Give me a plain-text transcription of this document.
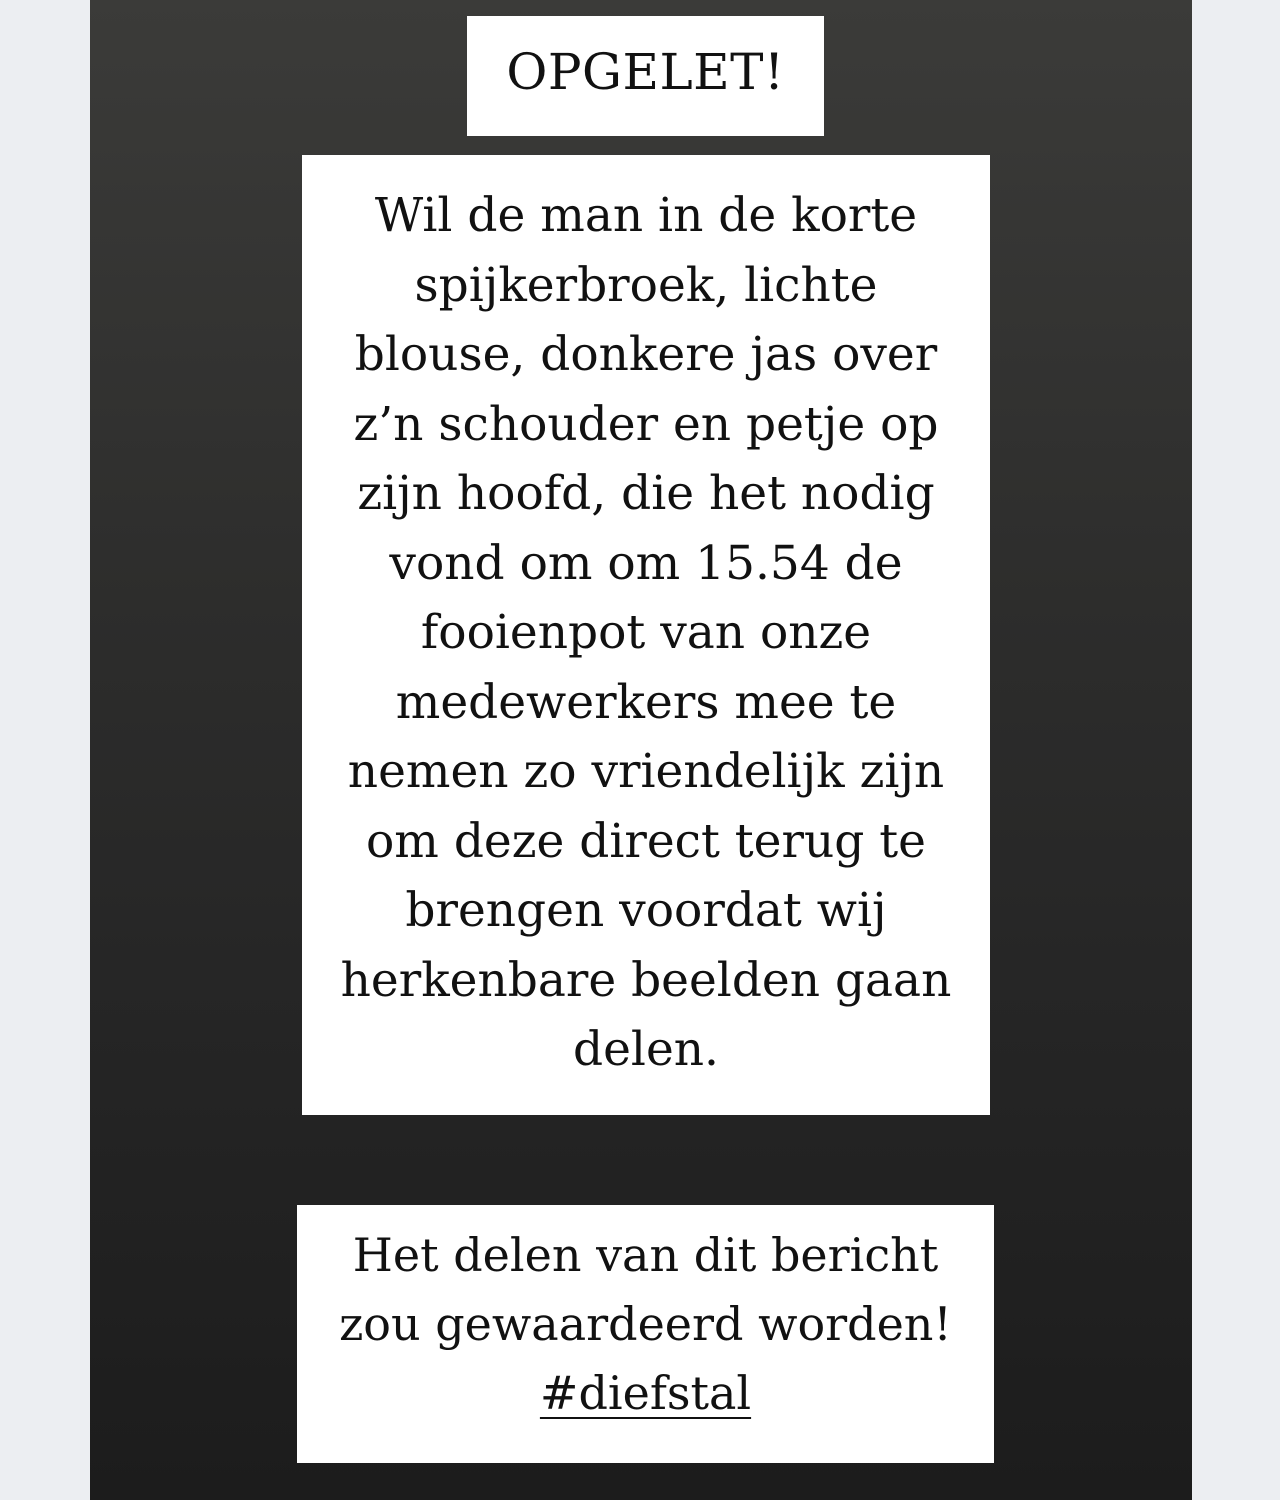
OPGELET!
Wil de man in de korte
spijkerbroek, lichte
blouse, donkere jas over
z’n schouder en petje op
zijn hoofd, die het nodig
vond om om 15.54 de
fooienpot van onze
medewerkers mee te
nemen zo vriendelijk zijn
om deze direct terug te
brengen voordat wij
herkenbare beelden gaan
delen.
Het delen van dit bericht
zou gewaardeerd worden!
#diefstal
